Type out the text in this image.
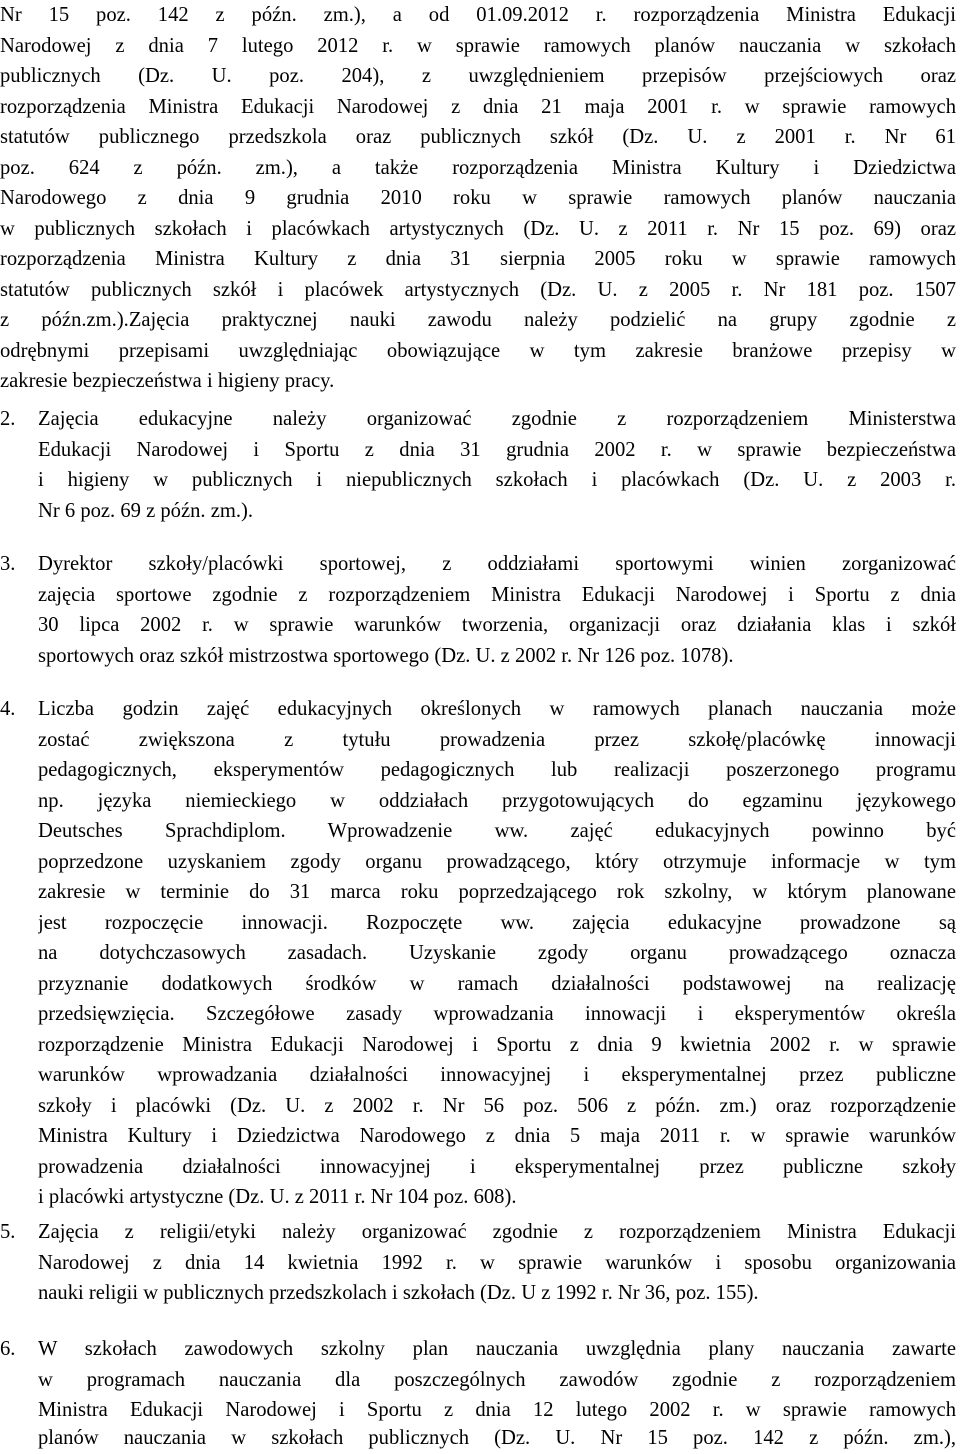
Nr 15 poz. 142 z późn. zm.), a od 01.09.2012 r. rozporządzenia Ministra Edukacji
Narodowej z dnia 7 lutego 2012 r. w sprawie ramowych planów nauczania w szkołach
publicznych (Dz. U. poz. 204), z uwzględnieniem przepisów przejściowych oraz
rozporządzenia Ministra Edukacji Narodowej z dnia 21 maja 2001 r. w sprawie ramowych
statutów publicznego przedszkola oraz publicznych szkół (Dz. U. z 2001 r. Nr 61
poz. 624 z późn. zm.), a także rozporządzenia Ministra Kultury i Dziedzictwa
Narodowego z dnia 9 grudnia 2010 roku w sprawie ramowych planów nauczania
w publicznych szkołach i placówkach artystycznych (Dz. U. z 2011 r. Nr 15 poz. 69) oraz
rozporządzenia Ministra Kultury z dnia 31 sierpnia 2005 roku w sprawie ramowych
statutów publicznych szkół i placówek artystycznych (Dz. U. z 2005 r. Nr 181 poz. 1507
z późn.zm.).Zajęcia praktycznej nauki zawodu należy podzielić na grupy zgodnie z
odrębnymi przepisami uwzględniając obowiązujące w tym zakresie branżowe przepisy w
zakresie bezpieczeństwa i higieny pracy.
2.	Zajęcia edukacyjne należy organizować zgodnie z rozporządzeniem Ministerstwa
Edukacji Narodowej i Sportu z dnia 31 grudnia 2002 r. w sprawie bezpieczeństwa
i higieny w publicznych i niepublicznych szkołach i placówkach (Dz. U. z 2003 r.
Nr 6 poz. 69 z późn. zm.).
3.	Dyrektor szkoły/placówki sportowej, z oddziałami sportowymi winien zorganizować
zajęcia sportowe zgodnie z rozporządzeniem Ministra Edukacji Narodowej i Sportu z dnia
30 lipca 2002 r. w sprawie warunków tworzenia, organizacji oraz działania klas i szkół
sportowych oraz szkół mistrzostwa sportowego (Dz. U. z 2002 r. Nr 126 poz. 1078).
4.	Liczba godzin zajęć edukacyjnych określonych w ramowych planach nauczania może
zostać zwiększona z tytułu prowadzenia przez szkołę/placówkę innowacji
pedagogicznych, eksperymentów pedagogicznych lub realizacji poszerzonego programu
np. języka niemieckiego w oddziałach przygotowujących do egzaminu językowego
Deutsches Sprachdiplom. Wprowadzenie ww. zajęć edukacyjnych powinno być
poprzedzone uzyskaniem zgody organu prowadzącego, który otrzymuje informacje w tym
zakresie w terminie do 31 marca roku poprzedzającego rok szkolny, w którym planowane
jest rozpoczęcie innowacji. Rozpoczęte ww. zajęcia edukacyjne prowadzone są
na dotychczasowych zasadach. Uzyskanie zgody organu prowadzącego oznacza
przyznanie dodatkowych środków w ramach działalności podstawowej na realizację
przedsięwzięcia. Szczegółowe zasady wprowadzania innowacji i eksperymentów określa
rozporządzenie Ministra Edukacji Narodowej i Sportu z dnia 9 kwietnia 2002 r. w sprawie
warunków wprowadzania działalności innowacyjnej i eksperymentalnej przez publiczne
szkoły i placówki (Dz. U. z 2002 r. Nr 56 poz. 506 z późn. zm.) oraz rozporządzenie
Ministra Kultury i Dziedzictwa Narodowego z dnia 5 maja 2011 r. w sprawie warunków
prowadzenia działalności innowacyjnej i eksperymentalnej przez publiczne szkoły
i placówki artystyczne (Dz. U. z 2011 r. Nr 104 poz. 608).
5.	Zajęcia z religii/etyki należy organizować zgodnie z rozporządzeniem Ministra Edukacji
Narodowej z dnia 14 kwietnia 1992 r. w sprawie warunków i sposobu organizowania
nauki religii w publicznych przedszkolach i szkołach (Dz. U z 1992 r. Nr 36, poz. 155).
6.	W szkołach zawodowych szkolny plan nauczania uwzględnia plany nauczania zawarte
w programach nauczania dla poszczególnych zawodów zgodnie z rozporządzeniem
Ministra Edukacji Narodowej i Sportu z dnia 12 lutego 2002 r. w sprawie ramowych
planów nauczania w szkołach publicznych (Dz. U. Nr 15 poz. 142 z późn. zm.),
